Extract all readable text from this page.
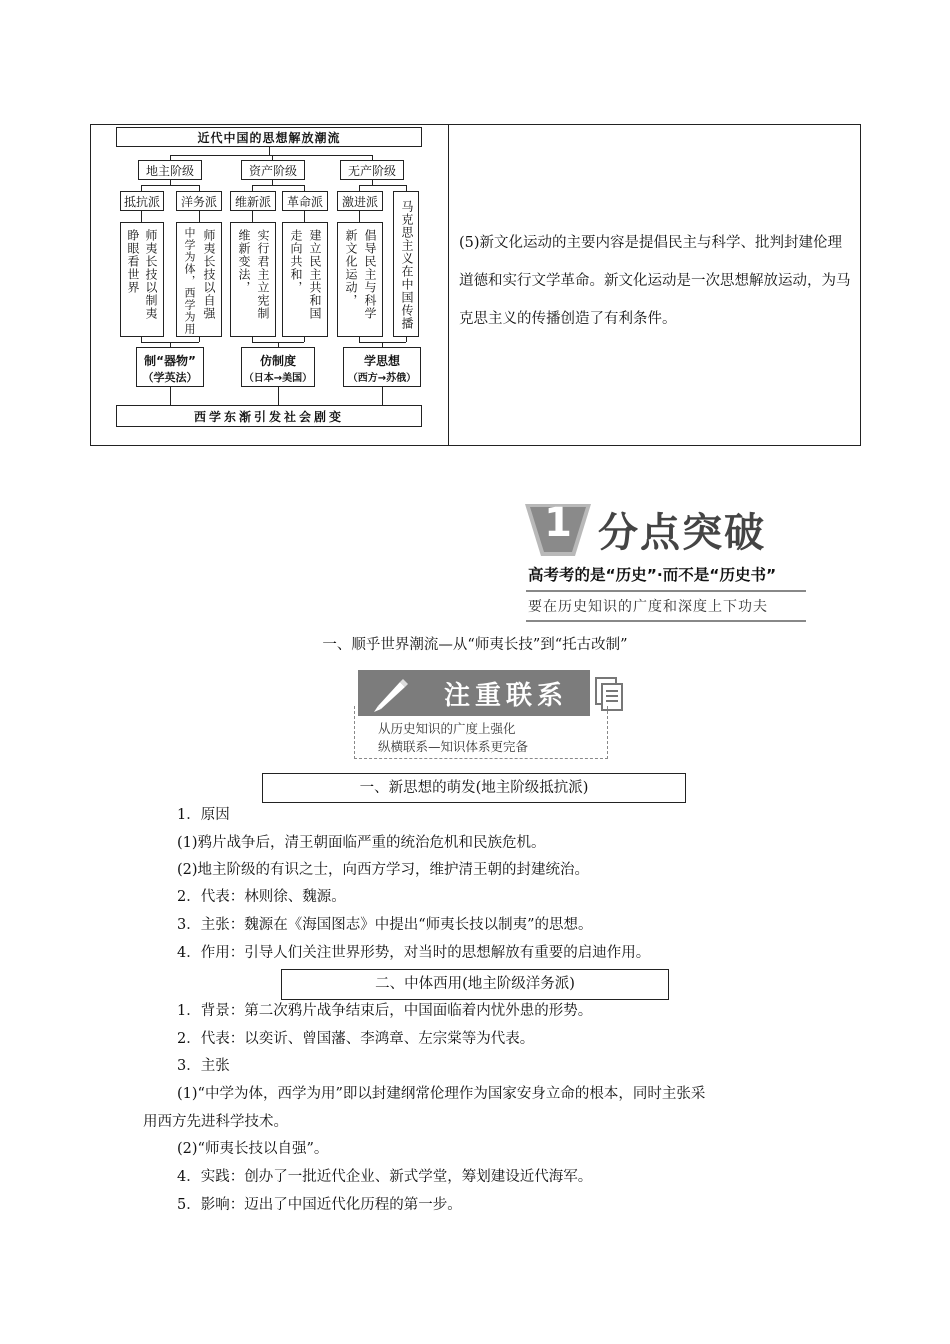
近代中国的思想解放潮流
地主阶级	资产阶级	无产阶级
抵抗派	洋务派	维新派	革命派	激进派
睁眼看世界 师夷长技以制夷 中学为体，西学为用 师夷长技以自强 维新变法， 实行君主立宪制 走向共和， 建立民主共和国 新文化运动， 倡导民主与科学 马克思主义在中国传播
制“器物”
（学英法）
仿制度
（日本→美国）
学思想
（西方→苏俄）
西学东渐引发社会剧变
(5)新文化运动的主要内容是提倡民主与科学、批判封建伦理道德和实行文学革命。新文化运动是一次思想解放运动，为马克思主义的传播创造了有利条件。
1 分点突破
高考考的是“历史”·而不是“历史书”
要在历史知识的广度和深度上下功夫
一、顺乎世界潮流—从“师夷长技”到“托古改制”
注重联系
从历史知识的广度上强化
纵横联系—知识体系更完备
一、新思想的萌发(地主阶级抵抗派)
1．原因
(1)鸦片战争后，清王朝面临严重的统治危机和民族危机。
(2)地主阶级的有识之士，向西方学习，维护清王朝的封建统治。
2．代表：林则徐、魏源。
3．主张：魏源在《海国图志》中提出“师夷长技以制夷”的思想。
4．作用：引导人们关注世界形势，对当时的思想解放有重要的启迪作用。
二、中体西用(地主阶级洋务派)
1．背景：第二次鸦片战争结束后，中国面临着内忧外患的形势。
2．代表：以奕䜣、曾国藩、李鸿章、左宗棠等为代表。
3．主张
(1)“中学为体，西学为用”即以封建纲常伦理作为国家安身立命的根本，同时主张采
用西方先进科学技术。
(2)“师夷长技以自强”。
4．实践：创办了一批近代企业、新式学堂，筹划建设近代海军。
5．影响：迈出了中国近代化历程的第一步。
